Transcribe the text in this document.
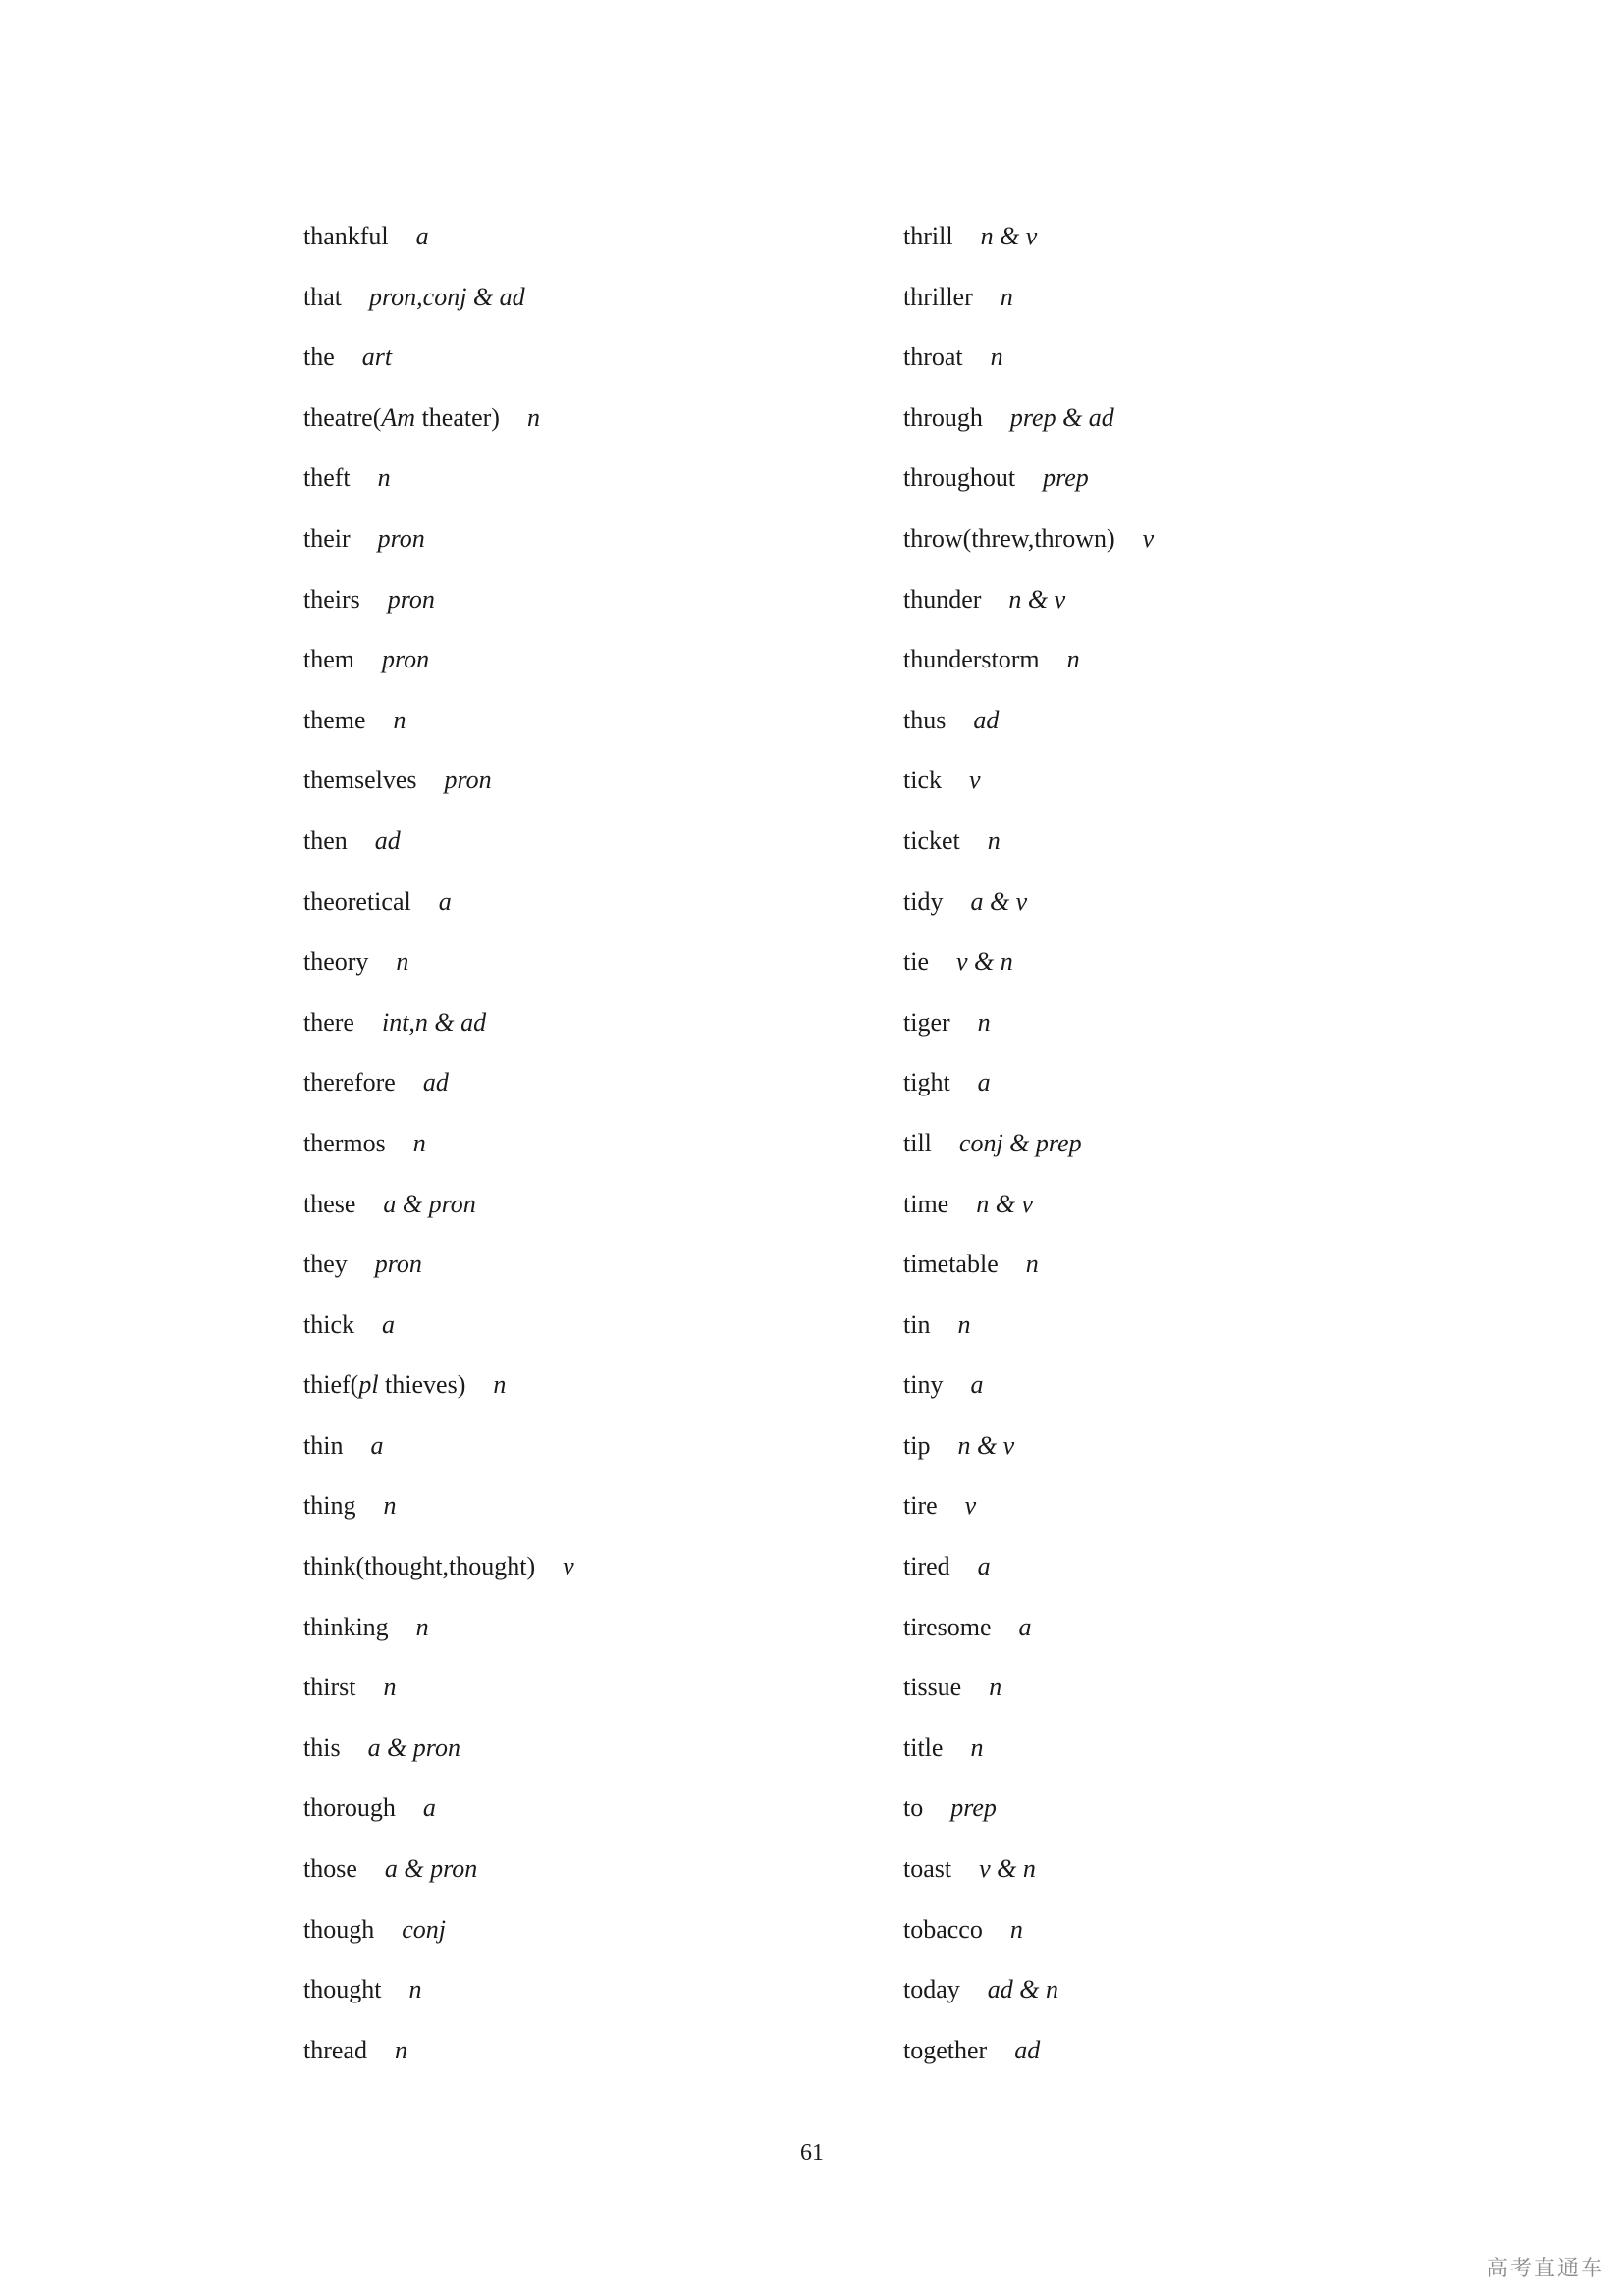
thankful a
that pron,conj & ad
the art
theatre(Am theater) n
theft n
their pron
theirs pron
them pron
theme n
themselves pron
then ad
theoretical a
theory n
there int,n & ad
therefore ad
thermos n
these a & pron
they pron
thick a
thief(pl thieves) n
thin a
thing n
think(thought,thought) v
thinking n
thirst n
this a & pron
thorough a
those a & pron
though conj
thought n
thread n
thrill n & v
thriller n
throat n
through prep & ad
throughout prep
throw(threw,thrown) v
thunder n & v
thunderstorm n
thus ad
tick v
ticket n
tidy a & v
tie v & n
tiger n
tight a
till conj & prep
time n & v
timetable n
tin n
tiny a
tip n & v
tire v
tired a
tiresome a
tissue n
title n
to prep
toast v & n
tobacco n
today ad & n
together ad
61
高考直通车
